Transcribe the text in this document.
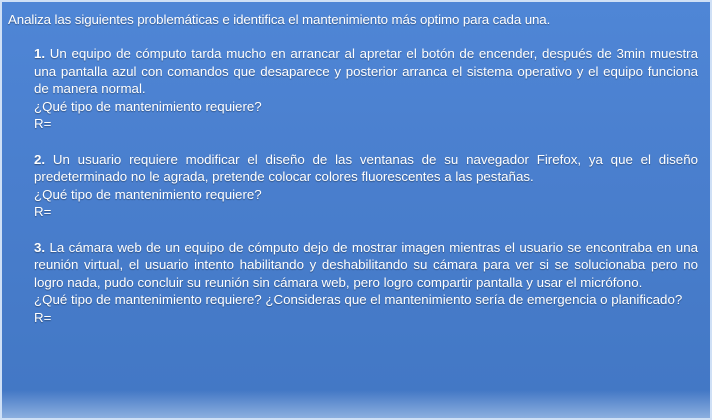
Analiza las siguientes problemáticas e identifica el mantenimiento más optimo para cada una.

1. Un equipo de cómputo tarda mucho en arrancar al apretar el botón de encender, después de 3min muestra una pantalla azul con comandos que desaparece y posterior arranca el sistema operativo y el equipo funciona de manera normal.

¿Qué tipo de mantenimiento requiere?

R=

2. Un usuario requiere modificar el diseño de las ventanas de su navegador Firefox, ya que el diseño predeterminado no le agrada, pretende colocar colores fluorescentes a las pestañas.

¿Qué tipo de mantenimiento requiere?

R=

3. La cámara web de un equipo de cómputo dejo de mostrar imagen mientras el usuario se encontraba en una reunión virtual, el usuario intento habilitando y deshabilitando su cámara para ver si se solucionaba pero no logro nada, pudo concluir su reunión sin cámara web, pero logro compartir pantalla y usar el micrófono.

¿Qué tipo de mantenimiento requiere? ¿Consideras que el mantenimiento sería de emergencia o planificado?

R=
